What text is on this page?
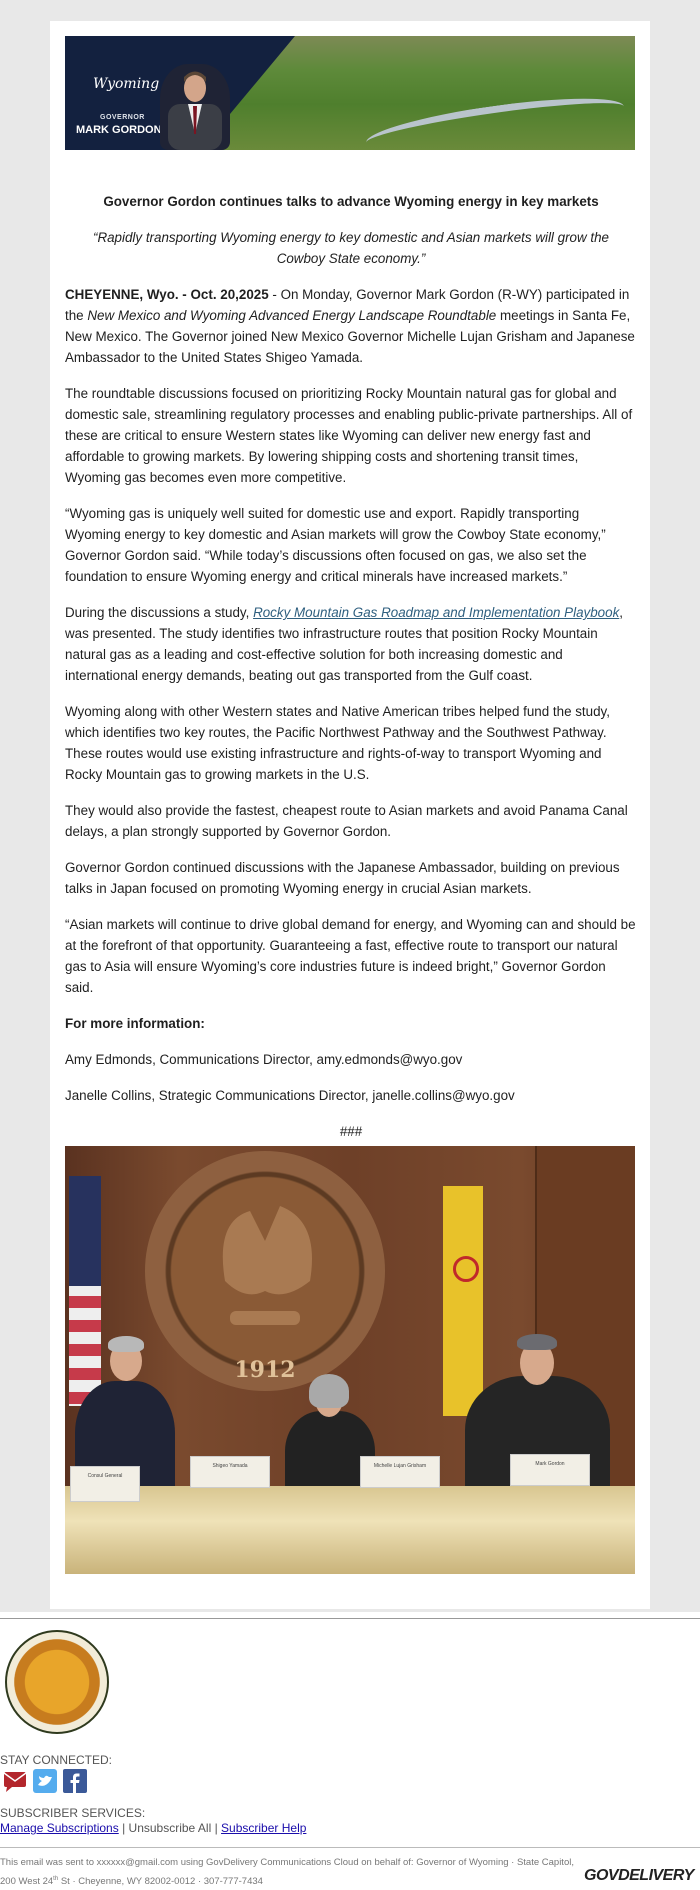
Wyoming
GOVERNOR
MARK GORDON

Governor Gordon continues talks to advance Wyoming energy in key markets

“Rapidly transporting Wyoming energy to key domestic and Asian markets will grow the Cowboy State economy.”

CHEYENNE, Wyo. - Oct. 20,2025 - On Monday, Governor Mark Gordon (R-WY) participated in the New Mexico and Wyoming Advanced Energy Landscape Roundtable meetings in Santa Fe, New Mexico. The Governor joined New Mexico Governor Michelle Lujan Grisham and Japanese Ambassador to the United States Shigeo Yamada.

The roundtable discussions focused on prioritizing Rocky Mountain natural gas for global and domestic sale, streamlining regulatory processes and enabling public-private partnerships. All of these are critical to ensure Western states like Wyoming can deliver new energy fast and affordable to growing markets. By lowering shipping costs and shortening transit times, Wyoming gas becomes even more competitive.

“Wyoming gas is uniquely well suited for domestic use and export. Rapidly transporting Wyoming energy to key domestic and Asian markets will grow the Cowboy State economy,” Governor Gordon said. “While today’s discussions often focused on gas, we also set the foundation to ensure Wyoming energy and critical minerals have increased markets.”

During the discussions a study, Rocky Mountain Gas Roadmap and Implementation Playbook, was presented. The study identifies two infrastructure routes that position Rocky Mountain natural gas as a leading and cost-effective solution for both increasing domestic and international energy demands, beating out gas transported from the Gulf coast.

Wyoming along with other Western states and Native American tribes helped fund the study, which identifies two key routes, the Pacific Northwest Pathway and the Southwest Pathway. These routes would use existing infrastructure and rights-of-way to transport Wyoming and Rocky Mountain gas to growing markets in the U.S.

They would also provide the fastest, cheapest route to Asian markets and avoid Panama Canal delays, a plan strongly supported by Governor Gordon.

Governor Gordon continued discussions with the Japanese Ambassador, building on previous talks in Japan focused on promoting Wyoming energy in crucial Asian markets.

“Asian markets will continue to drive global demand for energy, and Wyoming can and should be at the forefront of that opportunity. Guaranteeing a fast, effective route to transport our natural gas to Asia will ensure Wyoming’s core industries future is indeed bright,” Governor Gordon said.

For more information:

Amy Edmonds, Communications Director, amy.edmonds@wyo.gov

Janelle Collins, Strategic Communications Director, janelle.collins@wyo.gov

###

1912
Consul General
Shigeo Yamada	Michelle Lujan Grisham	Mark Gordon
STAY CONNECTED:
SUBSCRIBER SERVICES:
Manage Subscriptions | Unsubscribe All | Subscriber Help
This email was sent to xxxxxx@gmail.com using GovDelivery Communications Cloud on behalf of: Governor of Wyoming · State Capitol, 200 West 24th St · Cheyenne, WY 82002-0012 · 307-777-7434	GOVDELIVERY
